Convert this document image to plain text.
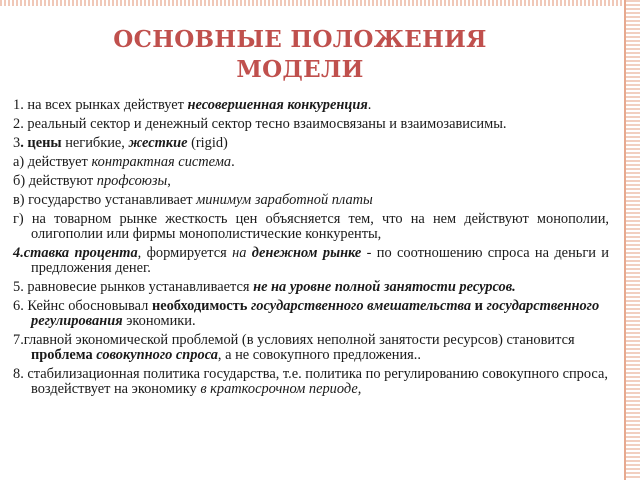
ОСНОВНЫЕ ПОЛОЖЕНИЯ
МОДЕЛИ
1. на всех рынках действует несовершенная конкуренция.
2. реальный сектор и денежный сектор тесно взаимосвязаны и взаимозависимы.
3. цены негибкие, жесткие (rigid)
а) действует контрактная система.
б) действуют профсоюзы,
в) государство устанавливает минимум заработной платы
г) на товарном рынке жесткость цен объясняется тем, что на нем действуют монополии, олигополии или фирмы монополистические конкуренты,
4.ставка процента, формируется на денежном рынке - по соотношению спроса на деньги и предложения денег.
5. равновесие рынков устанавливается не на уровне полной занятости ресурсов.
6. Кейнс обосновывал необходимость государственного вмешательства и государственного регулирования экономики.
7.главной экономической проблемой (в условиях неполной занятости ресурсов) становится проблема совокупного спроса, а не совокупного предложения..
8. стабилизационная политика государства, т.е. политика по регулированию совокупного спроса, воздействует на экономику в краткосрочном периоде,
